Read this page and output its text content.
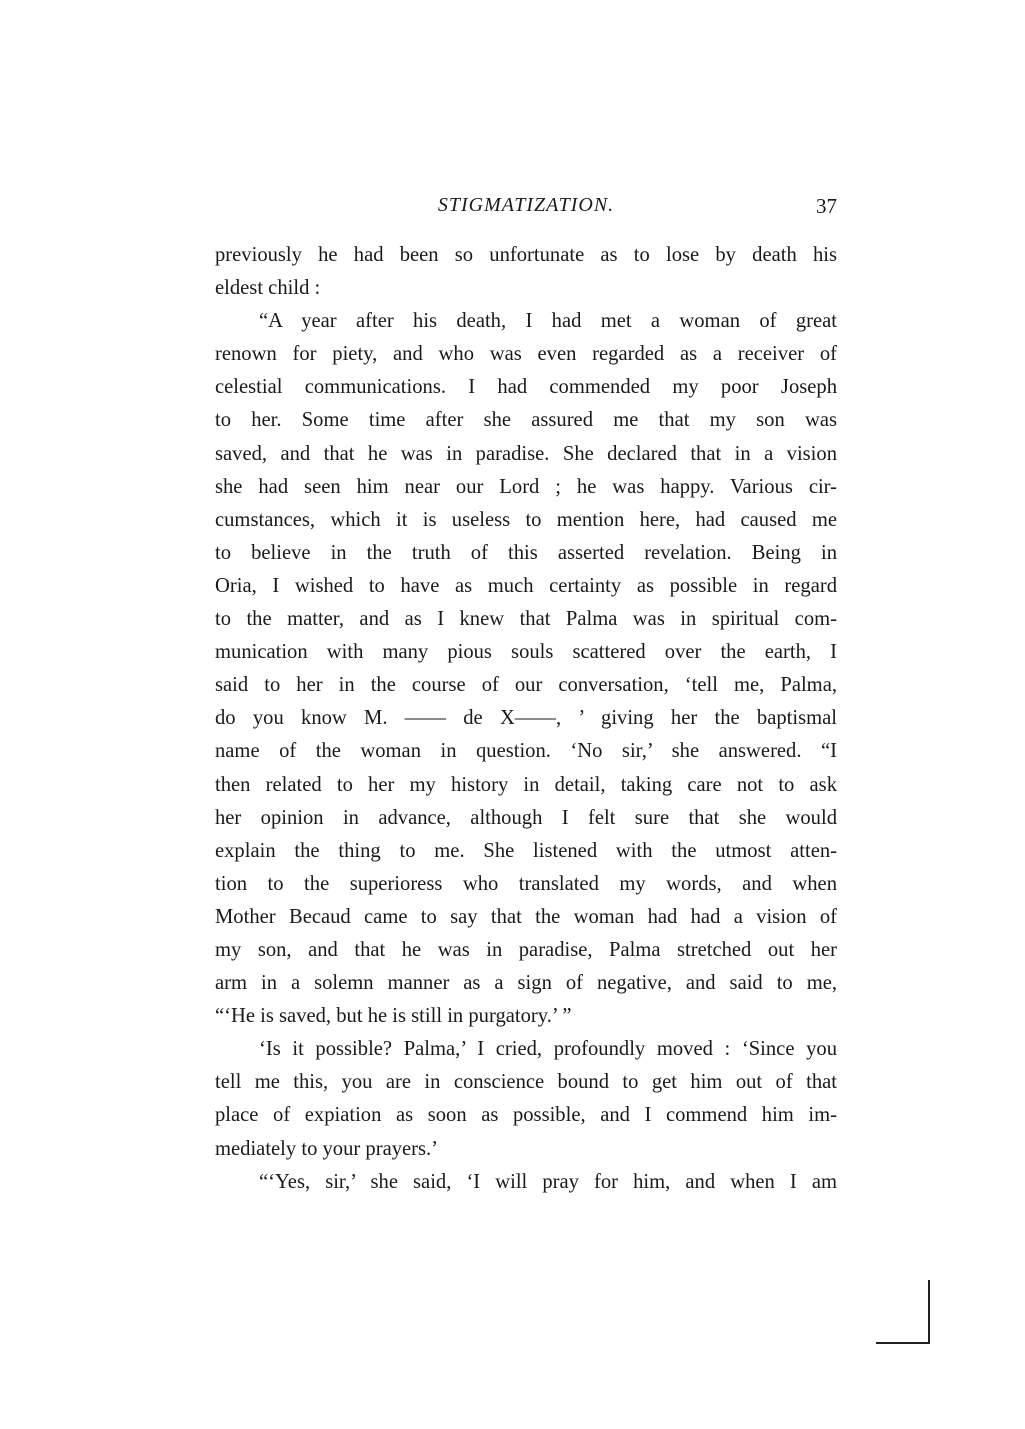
STIGMATIZATION.	37
previously he had been so unfortunate as to lose by death his
eldest child :
“A year after his death, I had met a woman of great
renown for piety, and who was even regarded as a receiver of
celestial communications. I had commended my poor Joseph
to her. Some time after she assured me that my son was
saved, and that he was in paradise. She declared that in a vision
she had seen him near our Lord ; he was happy. Various cir-
cumstances, which it is useless to mention here, had caused me
to believe in the truth of this asserted revelation. Being in
Oria, I wished to have as much certainty as possible in regard
to the matter, and as I knew that Palma was in spiritual com-
munication with many pious souls scattered over the earth, I
said to her in the course of our conversation, ‘tell me, Palma,
do you know M. —— de X——, ’ giving her the baptismal
name of the woman in question. ‘No sir,’ she answered. “I
then related to her my history in detail, taking care not to ask
her opinion in advance, although I felt sure that she would
explain the thing to me. She listened with the utmost atten-
tion to the superioress who translated my words, and when
Mother Becaud came to say that the woman had had a vision of
my son, and that he was in paradise, Palma stretched out her
arm in a solemn manner as a sign of negative, and said to me,
“‘He is saved, but he is still in purgatory.’ ”
‘Is it possible? Palma,’ I cried, profoundly moved : ‘Since you
tell me this, you are in conscience bound to get him out of that
place of expiation as soon as possible, and I commend him im-
mediately to your prayers.’
“‘Yes, sir,’ she said, ‘I will pray for him, and when I am
